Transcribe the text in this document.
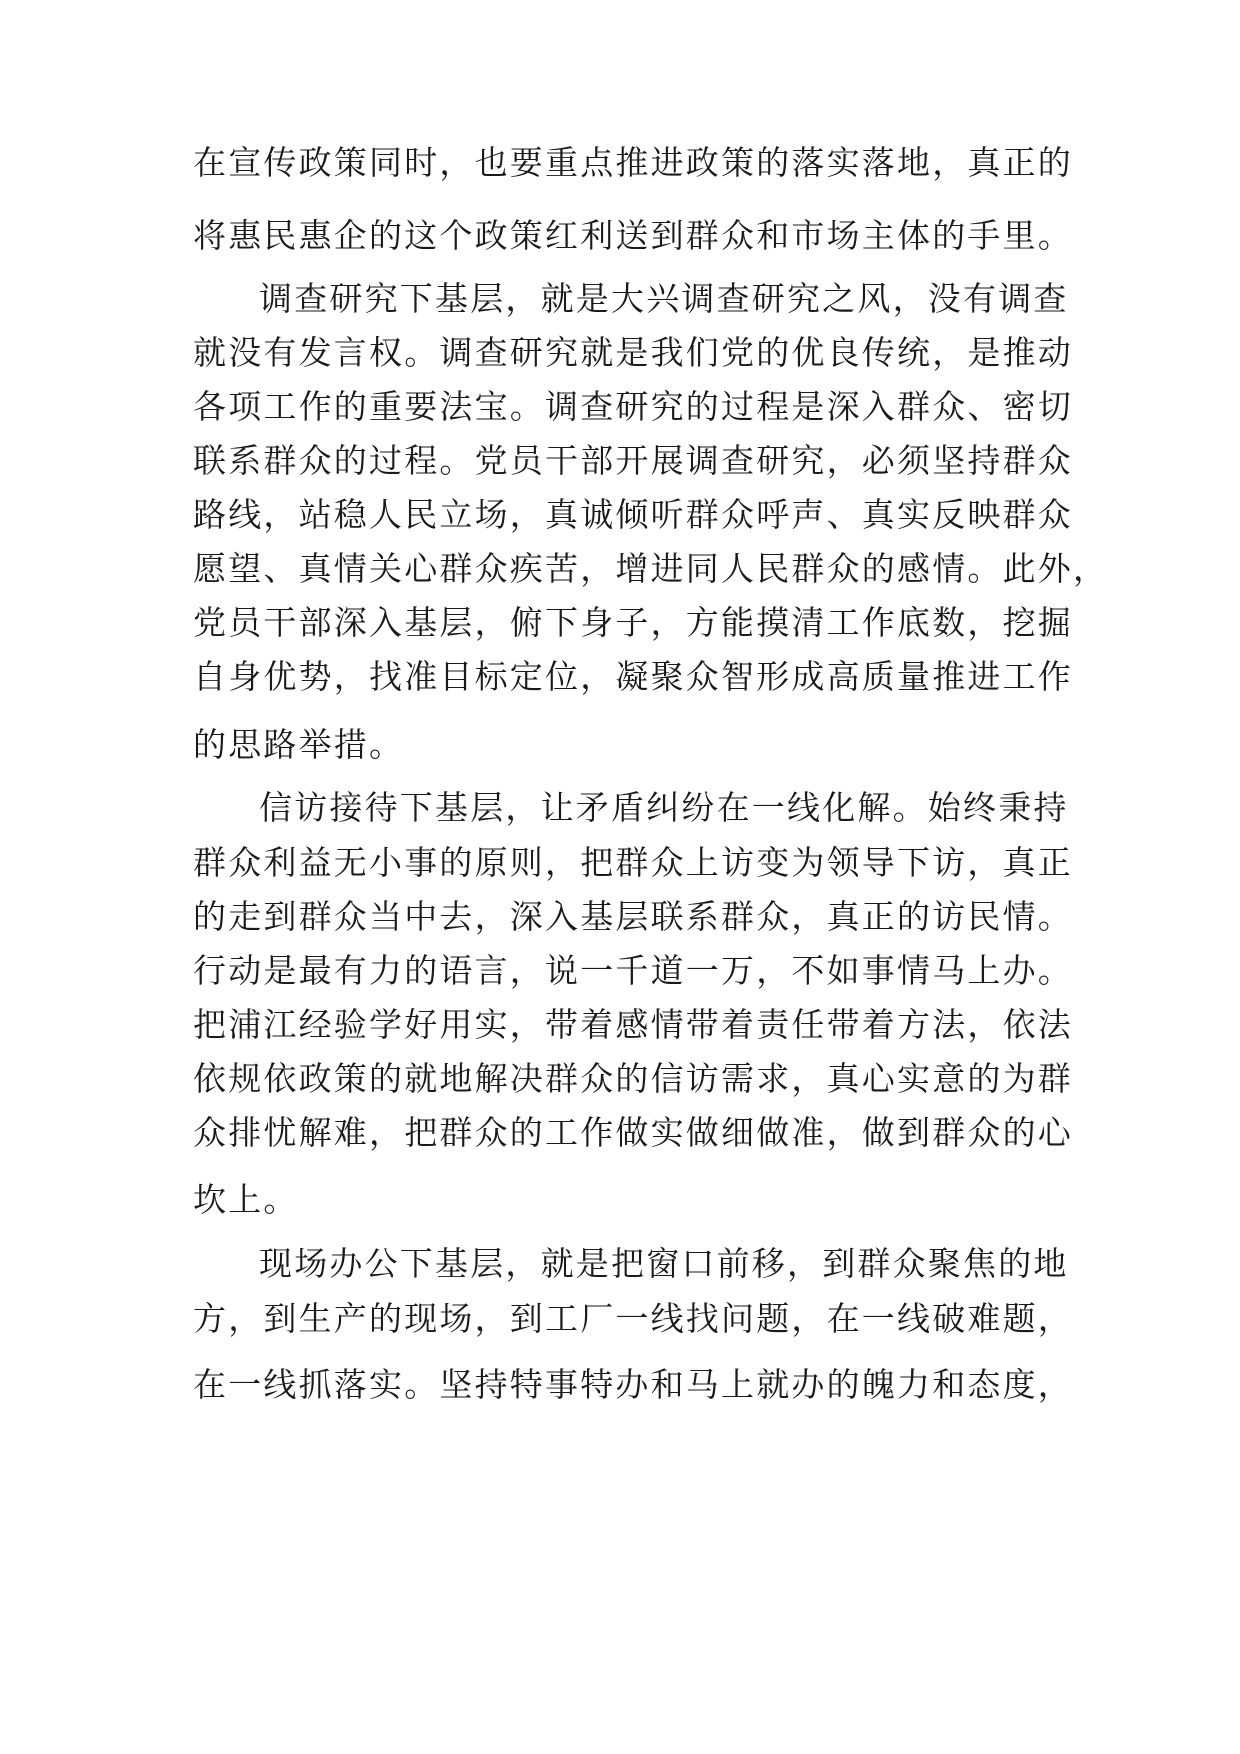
在宣传政策同时，也要重点推进政策的落实落地，真正的
将惠民惠企的这个政策红利送到群众和市场主体的手里。
调查研究下基层，就是大兴调查研究之风，没有调查
就没有发言权。调查研究就是我们党的优良传统，是推动
各项工作的重要法宝。调查研究的过程是深入群众、密切
联系群众的过程。党员干部开展调查研究，必须坚持群众
路线，站稳人民立场，真诚倾听群众呼声、真实反映群众
愿望、真情关心群众疾苦，增进同人民群众的感情。此外，
党员干部深入基层，俯下身子，方能摸清工作底数，挖掘
自身优势，找准目标定位，凝聚众智形成高质量推进工作
的思路举措。
信访接待下基层，让矛盾纠纷在一线化解。始终秉持
群众利益无小事的原则，把群众上访变为领导下访，真正
的走到群众当中去，深入基层联系群众，真正的访民情。
行动是最有力的语言，说一千道一万，不如事情马上办。
把浦江经验学好用实，带着感情带着责任带着方法，依法
依规依政策的就地解决群众的信访需求，真心实意的为群
众排忧解难，把群众的工作做实做细做准，做到群众的心
坎上。
现场办公下基层，就是把窗口前移，到群众聚焦的地
方，到生产的现场，到工厂一线找问题，在一线破难题，
在一线抓落实。坚持特事特办和马上就办的魄力和态度，
